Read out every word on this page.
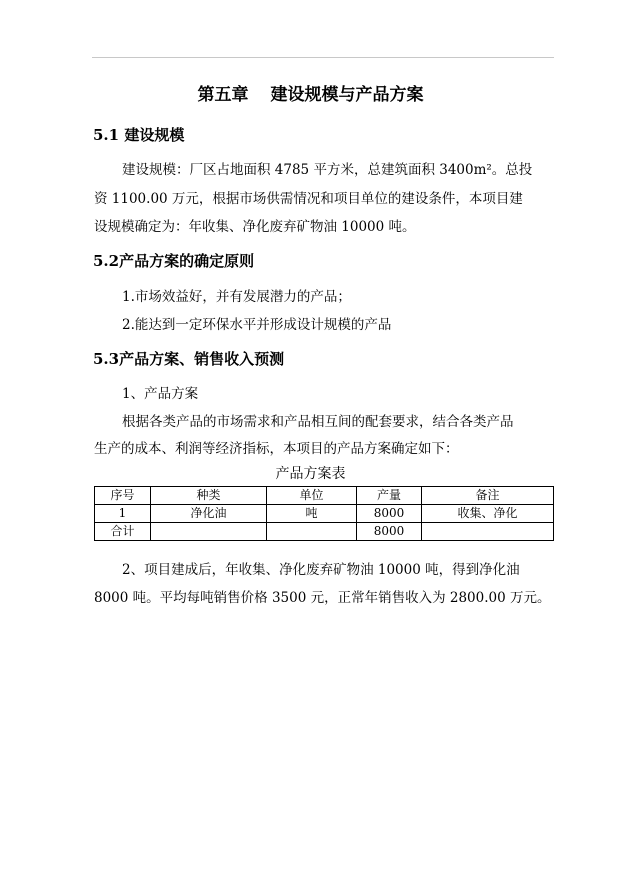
第五章 建设规模与产品方案
5.1 建设规模
建设规模：厂区占地面积 4785 平方米，总建筑面积 3400m²。总投
资 1100.00 万元，根据市场供需情况和项目单位的建设条件，本项目建
设规模确定为：年收集、净化废弃矿物油 10000 吨。
5.2产品方案的确定原则
1.市场效益好，并有发展潜力的产品；
2.能达到一定环保水平并形成设计规模的产品
5.3产品方案、销售收入预测
1、产品方案
根据各类产品的市场需求和产品相互间的配套要求，结合各类产品
生产的成本、利润等经济指标，本项目的产品方案确定如下：
产品方案表
序号	种类	单位	产量	备注
1	净化油	吨	8000	收集、净化
合计			8000	
2、项目建成后，年收集、净化废弃矿物油 10000 吨，得到净化油
8000 吨。平均每吨销售价格 3500 元，正常年销售收入为 2800.00 万元。
